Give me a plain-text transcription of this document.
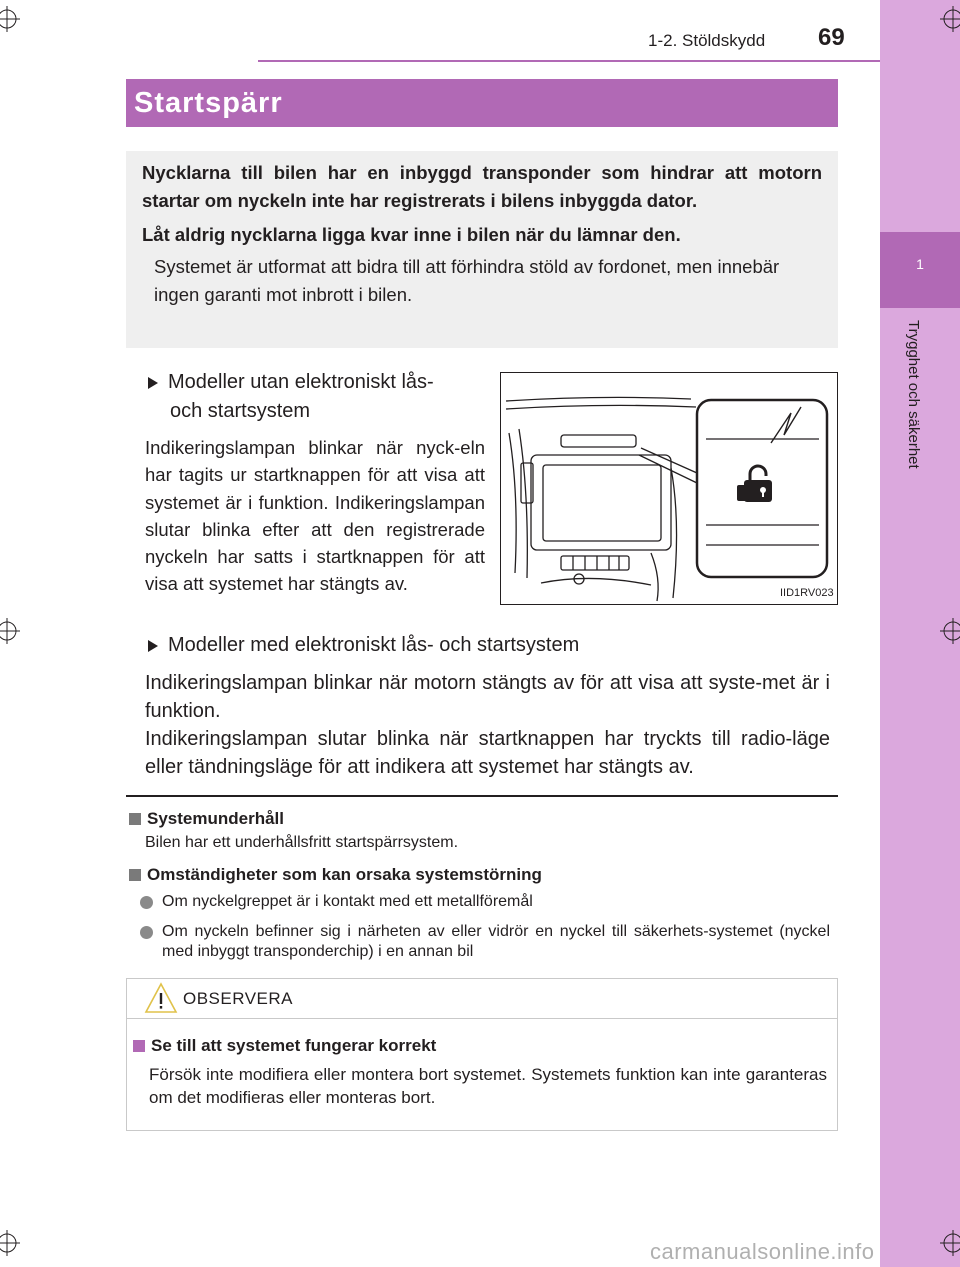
1
Trygghet och säkerhet
1-2. Stöldskydd 69
Startspärr

Nycklarna till bilen har en inbyggd transponder som hindrar att motorn startar om nyckeln inte har registrerats i bilens inbyggda dator.

Låt aldrig nycklarna ligga kvar inne i bilen när du lämnar den.

Systemet är utformat att bidra till att förhindra stöld av fordonet, men innebär ingen garanti mot inbrott i bilen.

Modeller utan elektroniskt lås-
och startsystem

Indikeringslampan blinkar när nyck-eln har tagits ur startknappen för att visa att systemet är i funktion. Indikeringslampan slutar blinka efter att den registrerade nyckeln har satts i startknappen för att visa att systemet har stängts av.	IID1RV023
Modeller med elektroniskt lås- och startsystem

Indikeringslampan blinkar när motorn stängts av för att visa att syste-met är i funktion.

Indikeringslampan slutar blinka när startknappen har tryckts till radio-läge eller tändningsläge för att indikera att systemet har stängts av.

Systemunderhåll
Bilen har ett underhållsfritt startspärrsystem.
Omständigheter som kan orsaka systemstörning
Om nyckelgreppet är i kontakt med ett metallföremål
Om nyckeln befinner sig i närheten av eller vidrör en nyckel till säkerhets-systemet (nyckel med inbyggt transponderchip) i en annan bil
OBSERVERA
Se till att systemet fungerar korrekt

Försök inte modifiera eller montera bort systemet. Systemets funktion kan inte garanteras om det modifieras eller monteras bort.

carmanualsonline.info
